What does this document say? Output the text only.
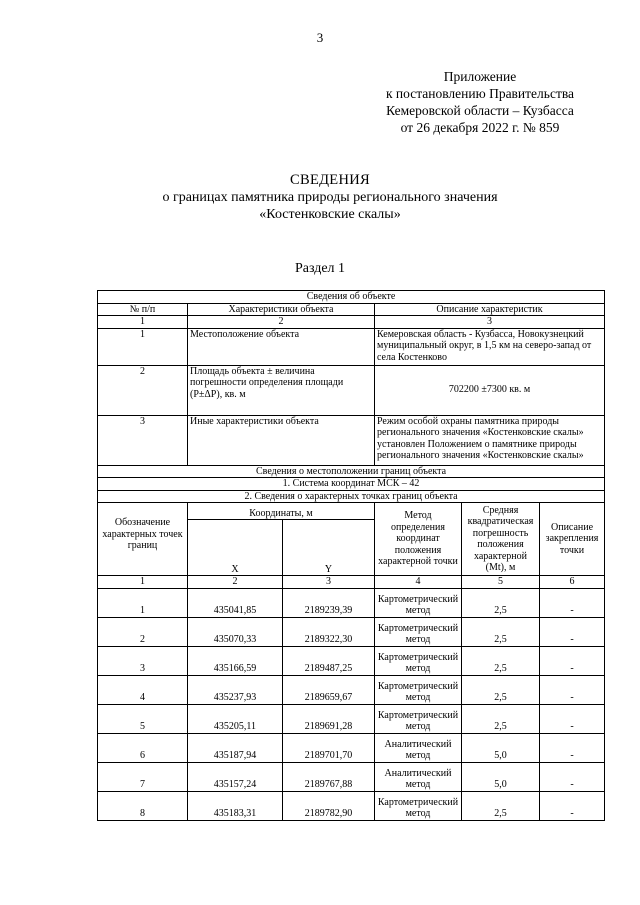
3
Приложение
к постановлению Правительства
Кемеровской области – Кузбасса
от 26 декабря 2022 г. № 859
СВЕДЕНИЯ
о границах памятника природы регионального значения
«Костенковские скалы»
Раздел 1
Сведения об объекте					
№ п/п	Характеристики объекта		Описание характеристик		
1	2		3		
1	Местоположение объекта		Кемеровская область - Кузбасса, Новокузнецкий муниципальный округ, в 1,5 км на северо-запад от села Костенково		
2	Площадь объекта ± величина погрешности определения площади (P±ΔP), кв. м		702200 ±7300 кв. м		
3	Иные характеристики объекта		Режим особой охраны памятника природы регионального значения «Костенковские скалы» установлен Положением о памятнике природы регионального значения «Костенковские скалы»		
Сведения о местоположении границ объекта					
1. Система координат МСК – 42					
2. Сведения о характерных точках границ объекта					
Обозначение характерных точек границ	Координаты, м		Метод определения координат положения характерной точки	Средняя квадратическая погрешность положения характерной (Mt), м	Описание закрепления точки
	X	Y			
1	2	3	4	5	6
1	435041,85	2189239,39	Картометрический метод	2,5	-
2	435070,33	2189322,30	Картометрический метод	2,5	-
3	435166,59	2189487,25	Картометрический метод	2,5	-
4	435237,93	2189659,67	Картометрический метод	2,5	-
5	435205,11	2189691,28	Картометрический метод	2,5	-
6	435187,94	2189701,70	Аналитический метод	5,0	-
7	435157,24	2189767,88	Аналитический метод	5,0	-
8	435183,31	2189782,90	Картометрический метод	2,5	-
